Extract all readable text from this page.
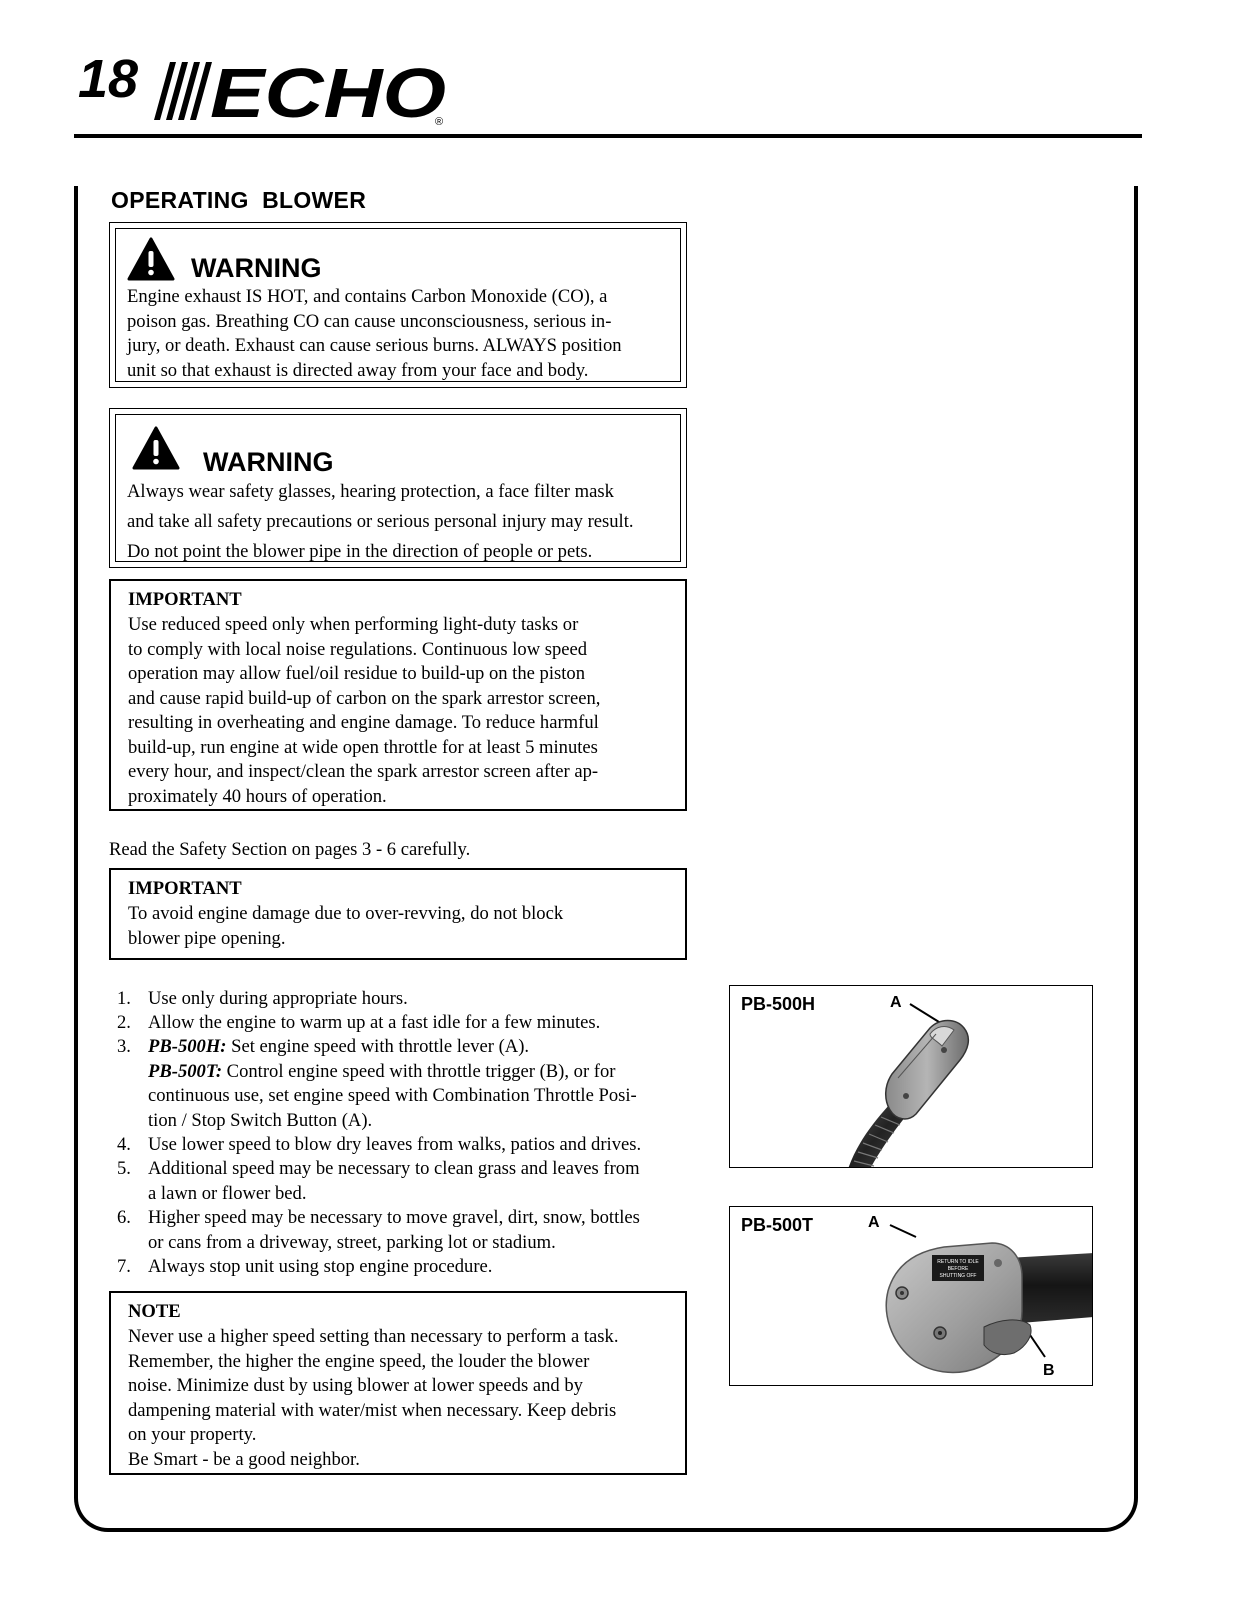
18 ECHO
®
OPERATING  BLOWER
WARNING
Engine exhaust IS HOT, and contains Carbon Monoxide (CO), a
poison gas. Breathing CO can cause unconsciousness, serious in-
jury, or death. Exhaust can cause serious burns. ALWAYS position
unit so that exhaust is directed away from your face and body.
WARNING
Always wear safety glasses, hearing protection, a face filter mask
and take all safety precautions or serious personal injury may result.
Do not point the blower pipe in the direction of people or pets.
IMPORTANT
Use reduced speed only when performing light-duty tasks or
to comply with local noise regulations. Continuous low speed
operation may allow fuel/oil residue to build-up on the piston
and cause rapid build-up of carbon on the spark arrestor screen,
resulting in overheating and engine damage. To reduce harmful
build-up, run engine at wide open throttle for at least 5 minutes
every hour, and inspect/clean the spark arrestor screen after ap-
proximately 40 hours of operation.
Read the Safety Section on pages 3 - 6 carefully.
IMPORTANT
To avoid engine damage due to over-revving, do not block
blower pipe opening.
1. Use only during appropriate hours.
2. Allow the engine to warm up at a fast idle for a few minutes.
3. PB-500H: Set engine speed with throttle lever (A).
PB-500T: Control engine speed with throttle trigger (B), or for
continuous use, set engine speed with Combination Throttle Posi-
tion / Stop Switch Button (A).
4. Use lower speed to blow dry leaves from walks, patios and drives.
5. Additional speed may be necessary to clean grass and leaves from
a lawn or flower bed.
6. Higher speed may be necessary to move gravel, dirt, snow, bottles
or cans from a driveway, street, parking lot or stadium.
7. Always stop unit using stop engine procedure.
NOTE
Never use a higher speed setting than necessary to perform a task.
Remember, the higher the engine speed, the louder the blower
noise. Minimize dust by using blower at lower speeds and by
dampening material with water/mist when necessary. Keep debris
on your property.
Be Smart - be a good neighbor.
PB-500H	A
PB-500T	A
B
RETURN TO IDLE
BEFORE
SHUTTING OFF
